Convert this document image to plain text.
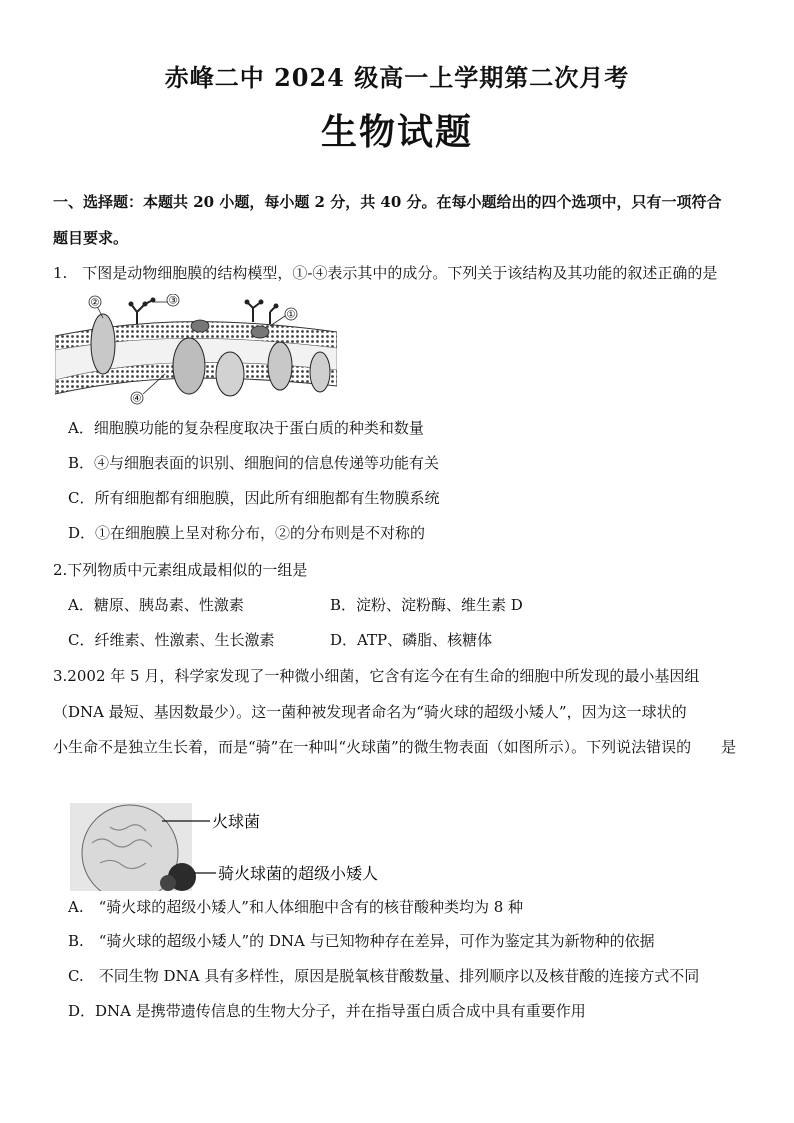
赤峰二中 2024 级高一上学期第二次月考
生物试题
一、选择题：本题共 20 小题，每小题 2 分，共 40 分。在每小题给出的四个选项中，只有一项符合
题目要求。
1.　下图是动物细胞膜的结构模型，①-④表示其中的成分。下列关于该结构及其功能的叙述正确的是
②	③
①
④
A．细胞膜功能的复杂程度取决于蛋白质的种类和数量
B．④与细胞表面的识别、细胞间的信息传递等功能有关
C．所有细胞都有细胞膜，因此所有细胞都有生物膜系统
D．①在细胞膜上呈对称分布，②的分布则是不对称的
2.下列物质中元素组成最相似的一组是
A．糖原、胰岛素、性激素	B．淀粉、淀粉酶、维生素 D
C．纤维素、性激素、生长激素	D．ATP、磷脂、核糖体
3.2002 年 5 月，科学家发现了一种微小细菌，它含有迄今在有生命的细胞中所发现的最小基因组
（DNA 最短、基因数最少）。这一菌种被发现者命名为“骑火球的超级小矮人”，因为这一球状的
小生命不是独立生长着，而是“骑”在一种叫“火球菌”的微生物表面（如图所示）。下列说法错误的　　是
火球菌
骑火球菌的超级小矮人
A.　“骑火球的超级小矮人”和人体细胞中含有的核苷酸种类均为 8 种
B.　“骑火球的超级小矮人”的 DNA 与已知物种存在差异，可作为鉴定其为新物种的依据
C.　不同生物 DNA 具有多样性，原因是脱氧核苷酸数量、排列顺序以及核苷酸的连接方式不同
D．DNA 是携带遗传信息的生物大分子，并在指导蛋白质合成中具有重要作用
